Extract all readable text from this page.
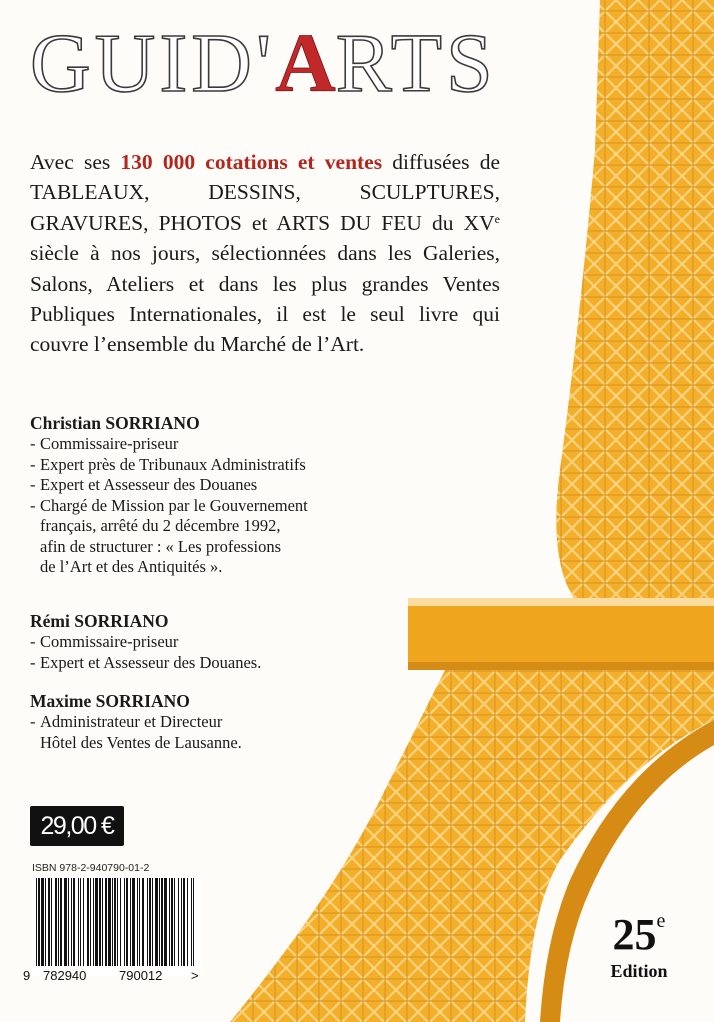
GUID'ARTS

Avec ses 130 000 cotations et ventes diffusées de TABLEAUX, DESSINS, SCULPTURES, GRAVURES, PHOTOS et ARTS DU FEU du XVe siècle à nos jours, sélectionnées dans les Galeries, Salons, Ateliers et dans les plus grandes Ventes Publiques Internationales, il est le seul livre qui couvre l’ensemble du Marché de l’Art.

Christian SORRIANO
- Commissaire-priseur
- Expert près de Tribunaux Administratifs
- Expert et Assesseur des Douanes
- Chargé de Mission par le Gouvernement
français, arrêté du 2 décembre 1992,
afin de structurer : « Les professions
de l’Art et des Antiquités ».
Rémi SORRIANO
- Commissaire-priseur
- Expert et Assesseur des Douanes.
Maxime SORRIANO
- Administrateur et Directeur
Hôtel des Ventes de Lausanne.
29,00 €
ISBN 978-2-940790-01-2
9 782940	790012 >
$25^e$
Edition
